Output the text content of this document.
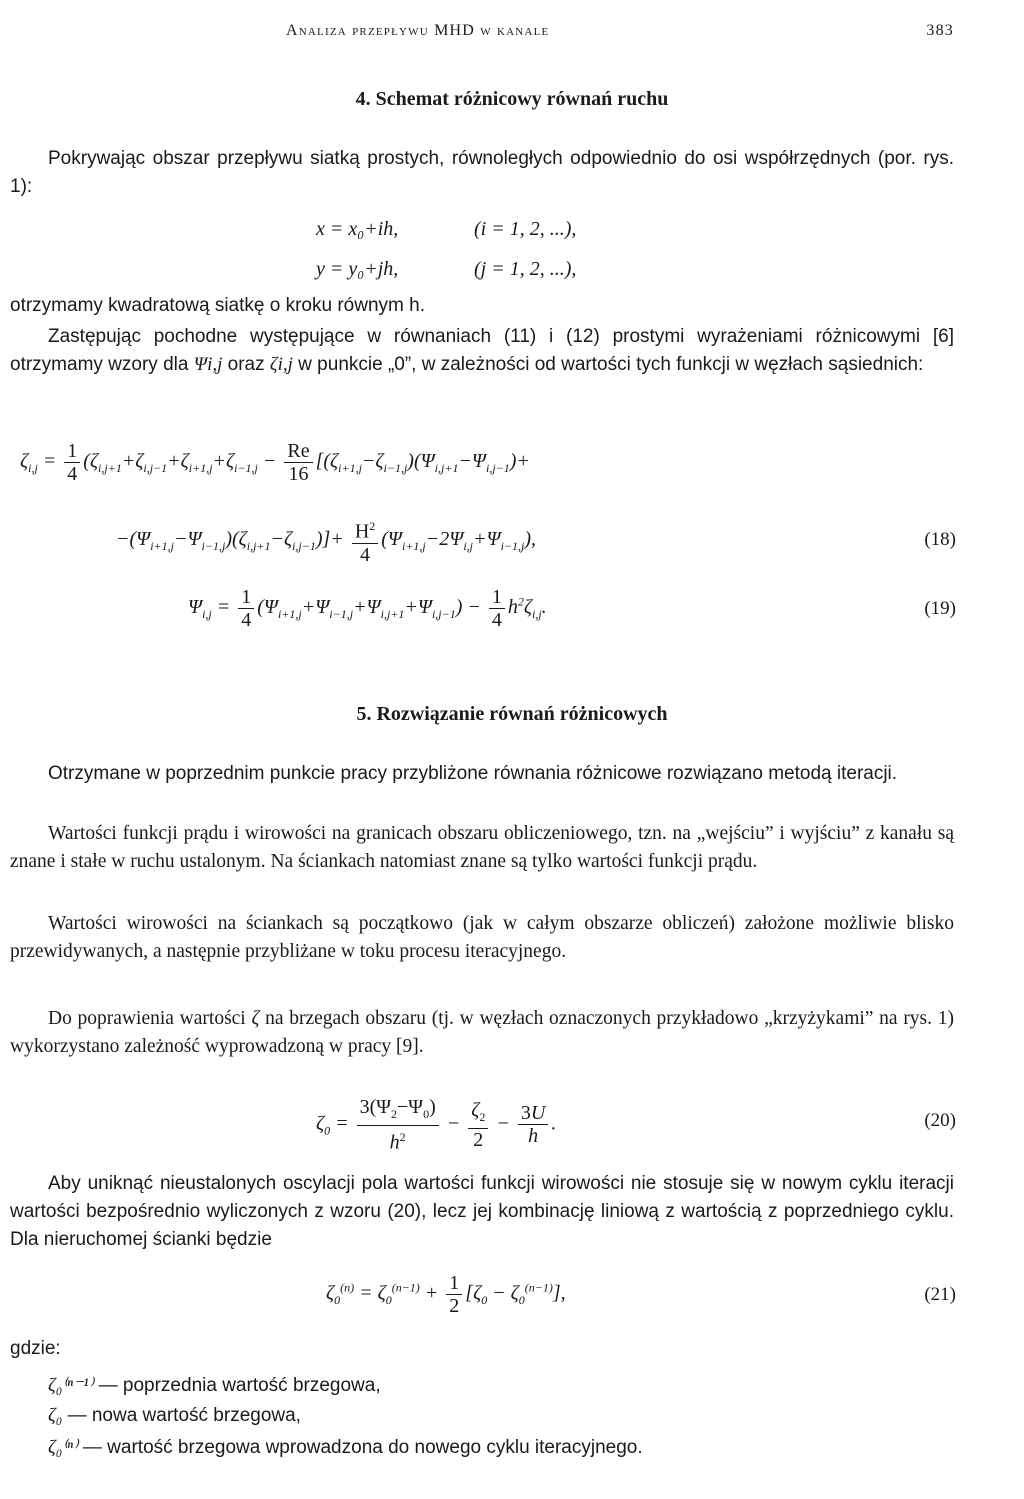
Analiza przepływu MHD w kanale	383
4. Schemat różnicowy równań ruchu

Pokrywając obszar przepływu siatką prostych, równoległych odpowiednio do osi współrzędnych (por. rys. 1):

x = x₀+ih,	(i = 1, 2, ...),
y = y₀+jh,	(j = 1, 2, ...),

otrzymamy kwadratową siatkę o kroku równym h.

Zastępując pochodne występujące w równaniach (11) i (12) prostymi wyrażeniami różnicowymi [6] otrzymamy wzory dla Ψi,j oraz ζi,j w punkcie „0”, w zależności od wartości tych funkcji w węzłach sąsiednich:

$\zeta_{i,j} = \frac{1}{4} (\zeta_{i,j+1}+\zeta_{i,j-1}+\zeta_{i+1,j}+\zeta_{i-1,j} - \frac{Re}{16} [(\zeta_{i+1,j}-\zeta_{i-1,j})(\Psi_{i,j+1}-\Psi_{i,j-1})+$
$-(\Psi_{i+1,j}-\Psi_{i-1,j})(\zeta_{i,j+1}-\zeta_{i,j-1})]+ \frac{H^2}{4} (\Psi_{i+1,j}-2\Psi_{i,j}+\Psi_{i-1,j})$,	(18)
$\Psi_{i,j} = \frac{1}{4} (\Psi_{i+1,j}+\Psi_{i-1,j}+\Psi_{i,j+1}+\Psi_{i,j-1}) - \frac{1}{4} h^2\zeta_{i,j}$.	(19)
5. Rozwiązanie równań różnicowych

Otrzymane w poprzednim punkcie pracy przybliżone równania różnicowe rozwiązano metodą iteracji.

Wartości funkcji prądu i wirowości na granicach obszaru obliczeniowego, tzn. na „wejściu” i wyjściu” z kanału są znane i stałe w ruchu ustalonym. Na ściankach natomiast znane są tylko wartości funkcji prądu.

Wartości wirowości na ściankach są początkowo (jak w całym obszarze obliczeń) założone możliwie blisko przewidywanych, a następnie przybliżane w toku procesu iteracyjnego.

Do poprawienia wartości ζ na brzegach obszaru (tj. w węzłach oznaczonych przykładowo „krzyżykami” na rys. 1) wykorzystano zależność wyprowadzoną w pracy [9].

$\zeta_0 = \frac{3(\Psi_2-\Psi_0)}{h^2} - \frac{\zeta_2}{2} - \frac{3U}{h}$ .	(20)

Aby uniknąć nieustalonych oscylacji pola wartości funkcji wirowości nie stosuje się w nowym cyklu iteracji wartości bezpośrednio wyliczonych z wzoru (20), lecz jej kombinację liniową z wartością z poprzedniego cyklu. Dla nieruchomej ścianki będzie

$\zeta_0^{(n)} = \zeta_0^{(n-1)} + \frac{1}{2} [\zeta_0 - \zeta_0^{(n-1)}]$,	(21)
gdzie:
ζ₀⁽ⁿ⁻¹⁾ — poprzednia wartość brzegowa,
ζ₀ — nowa wartość brzegowa,
ζ₀⁽ⁿ⁾ — wartość brzegowa wprowadzona do nowego cyklu iteracyjnego.
